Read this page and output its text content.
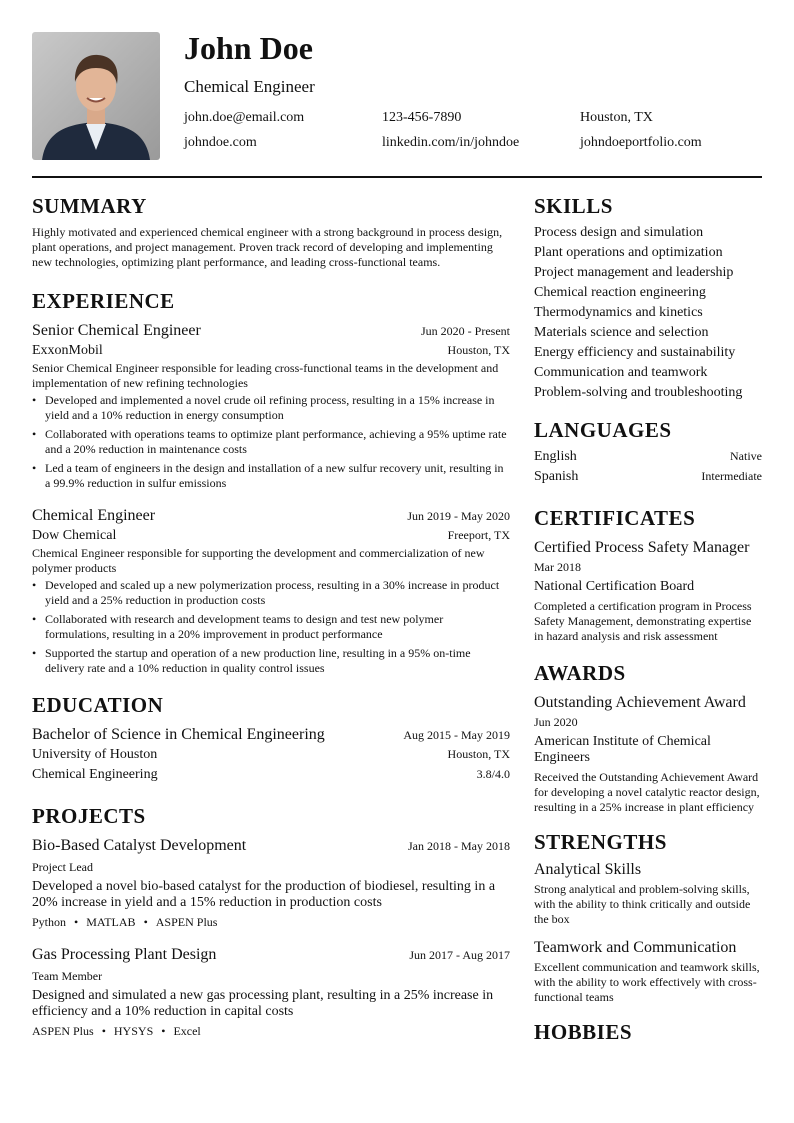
John Doe
Chemical Engineer
john.doe@email.com	123-456-7890	Houston, TX
johndoe.com	linkedin.com/in/johndoe	johndoeportfolio.com
SUMMARY
Highly motivated and experienced chemical engineer with a strong background in process design, plant operations, and project management. Proven track record of developing and implementing new technologies, optimizing plant performance, and leading cross-functional teams.
EXPERIENCE
Senior Chemical Engineer	Jun 2020 - Present
ExxonMobil	Houston, TX
Senior Chemical Engineer responsible for leading cross-functional teams in the development and implementation of new refining technologies
• Developed and implemented a novel crude oil refining process, resulting in a 15% increase in yield and a 10% reduction in energy consumption
• Collaborated with operations teams to optimize plant performance, achieving a 95% uptime rate and a 20% reduction in maintenance costs
• Led a team of engineers in the design and installation of a new sulfur recovery unit, resulting in a 99.9% reduction in sulfur emissions
Chemical Engineer	Jun 2019 - May 2020
Dow Chemical	Freeport, TX
Chemical Engineer responsible for supporting the development and commercialization of new polymer products
• Developed and scaled up a new polymerization process, resulting in a 30% increase in product yield and a 25% reduction in production costs
• Collaborated with research and development teams to design and test new polymer formulations, resulting in a 20% improvement in product performance
• Supported the startup and operation of a new production line, resulting in a 95% on-time delivery rate and a 10% reduction in quality control issues
EDUCATION
Bachelor of Science in Chemical Engineering	Aug 2015 - May 2019
University of Houston	Houston, TX
Chemical Engineering	3.8/4.0
PROJECTS
Bio-Based Catalyst Development	Jan 2018 - May 2018
Project Lead
Developed a novel bio-based catalyst for the production of biodiesel, resulting in a 20% increase in yield and a 15% reduction in production costs
Python • MATLAB • ASPEN Plus
Gas Processing Plant Design	Jun 2017 - Aug 2017
Team Member
Designed and simulated a new gas processing plant, resulting in a 25% increase in efficiency and a 10% reduction in capital costs
ASPEN Plus • HYSYS • Excel
SKILLS
Process design and simulation
Plant operations and optimization
Project management and leadership
Chemical reaction engineering
Thermodynamics and kinetics
Materials science and selection
Energy efficiency and sustainability
Communication and teamwork
Problem-solving and troubleshooting
LANGUAGES
English	Native
Spanish	Intermediate
CERTIFICATES
Certified Process Safety Manager
Mar 2018
National Certification Board
Completed a certification program in Process Safety Management, demonstrating expertise in hazard analysis and risk assessment
AWARDS
Outstanding Achievement Award
Jun 2020
American Institute of Chemical Engineers
Received the Outstanding Achievement Award for developing a novel catalytic reactor design, resulting in a 25% increase in plant efficiency
STRENGTHS
Analytical Skills
Strong analytical and problem-solving skills, with the ability to think critically and outside the box
Teamwork and Communication
Excellent communication and teamwork skills, with the ability to work effectively with cross-functional teams
HOBBIES
